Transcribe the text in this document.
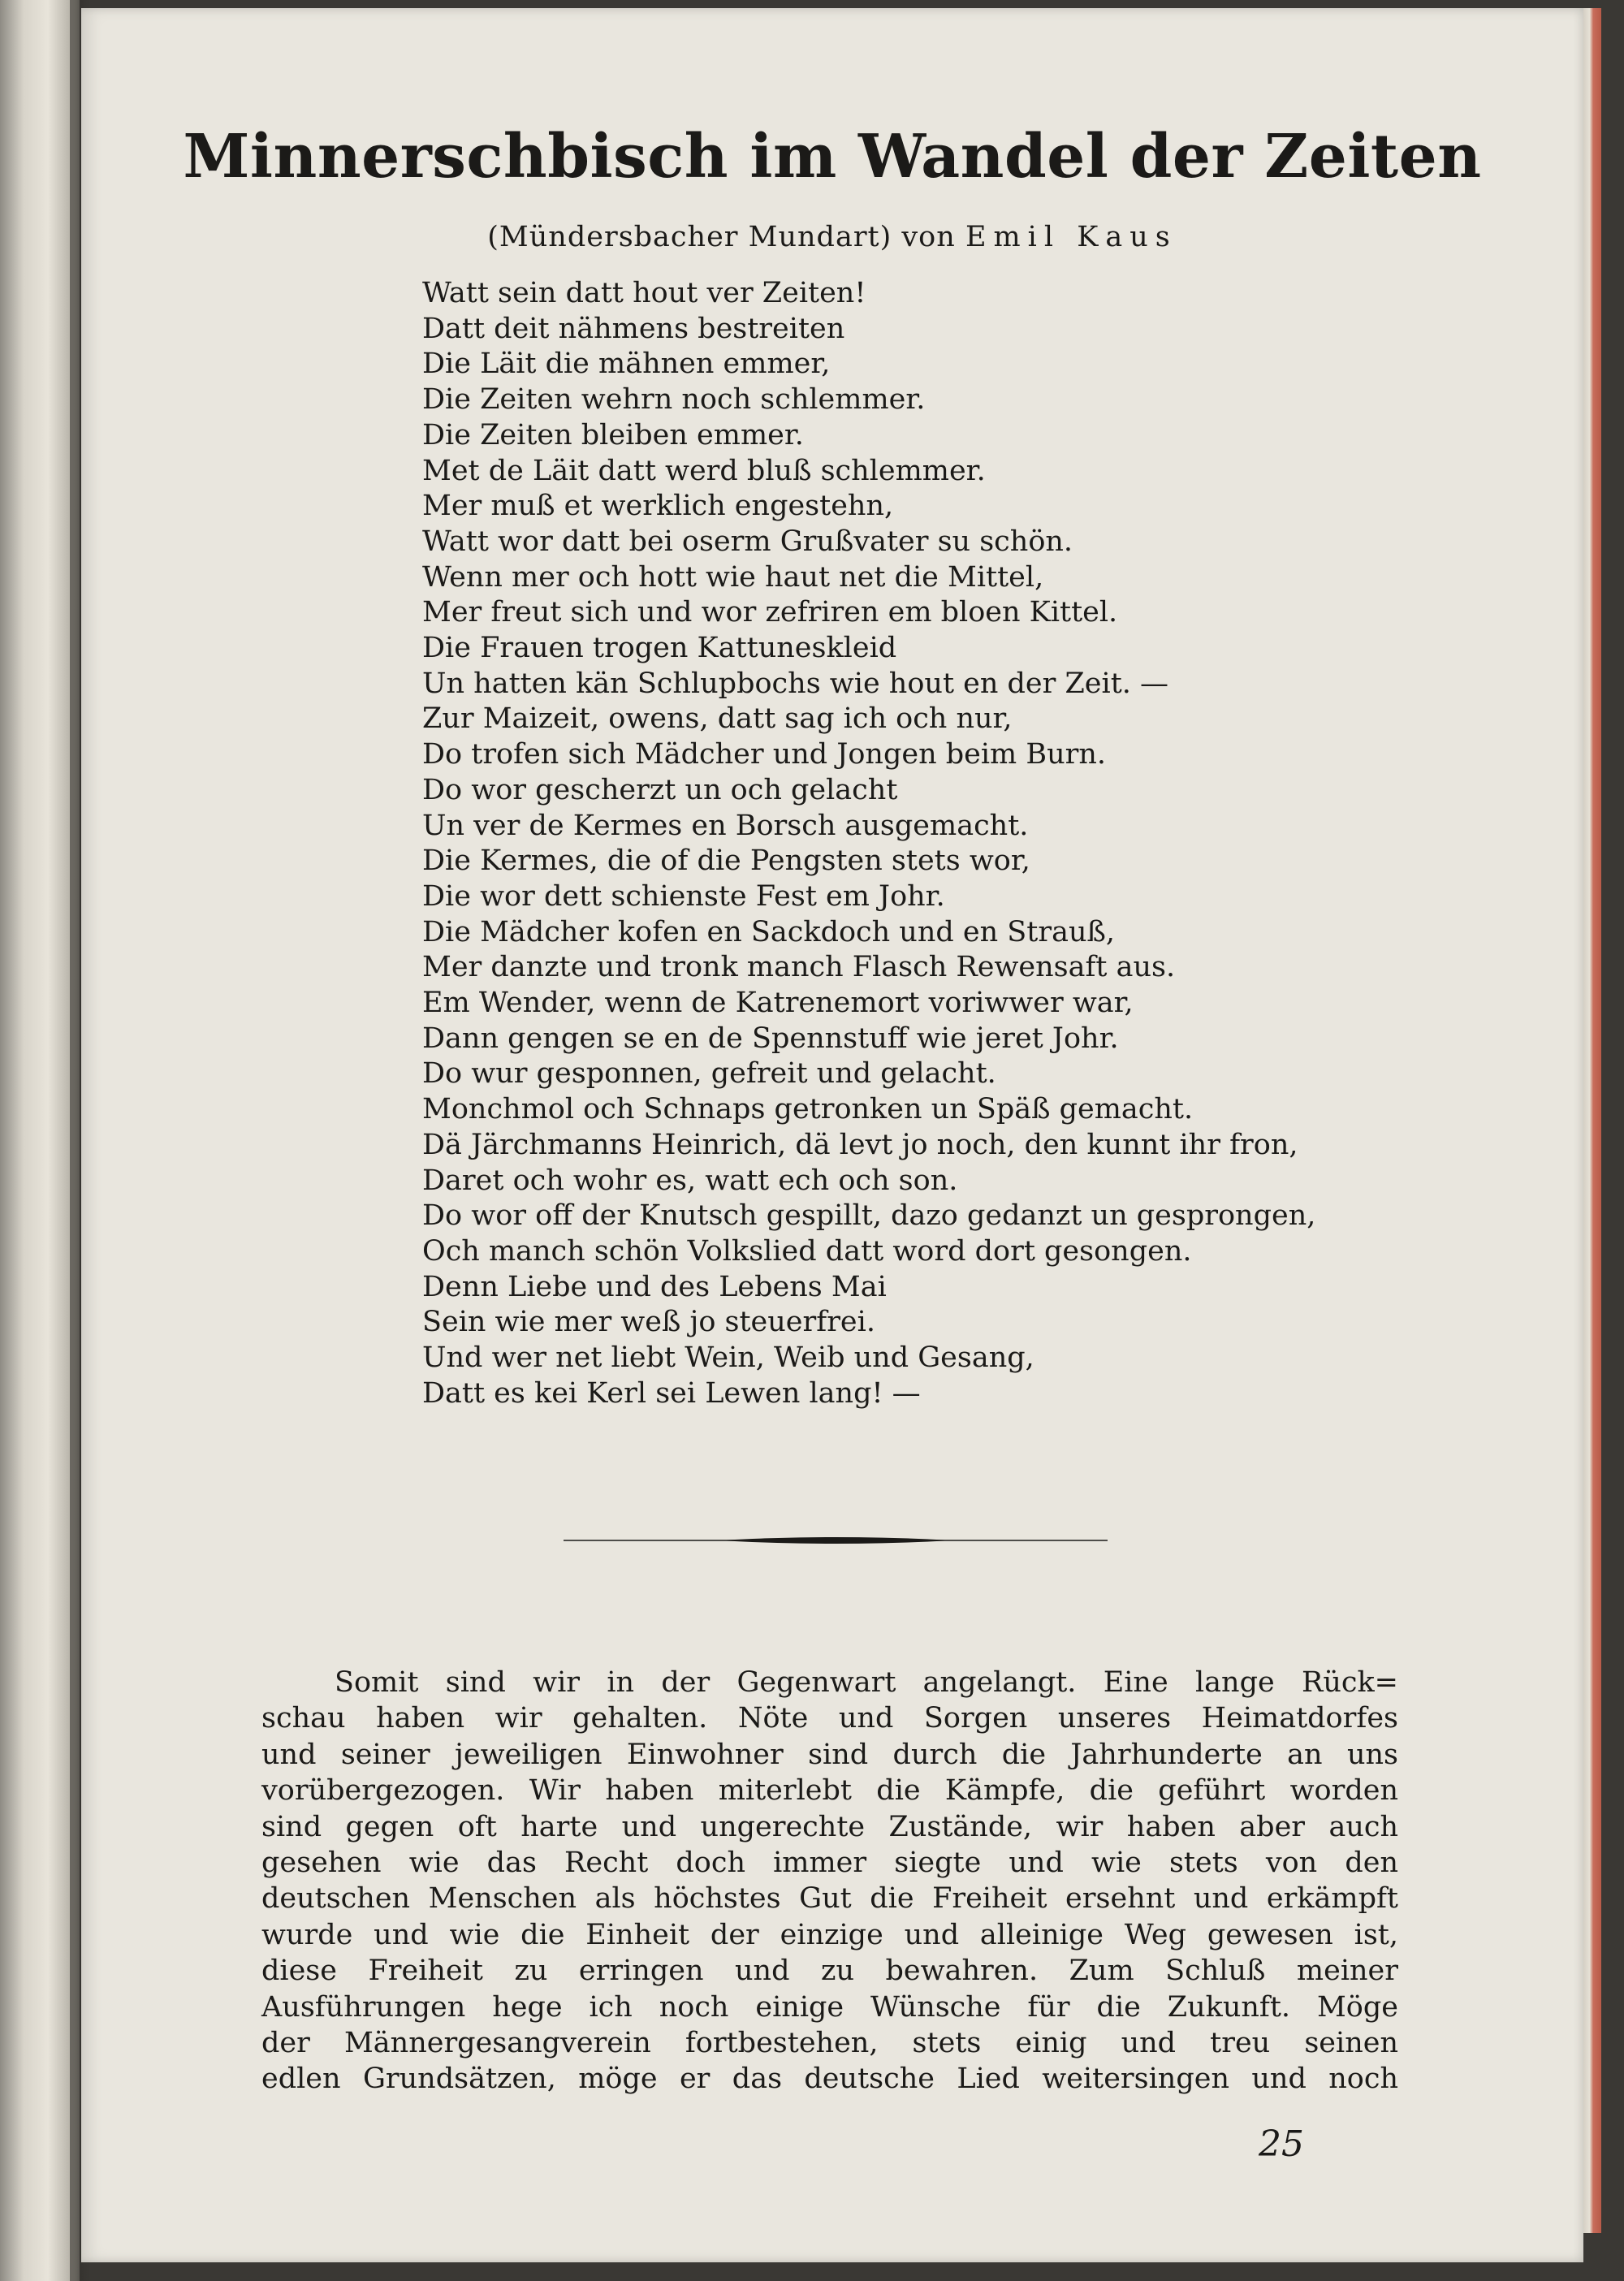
Minnerschbisch im Wandel der Zeiten

(Mündersbacher Mundart) von Emil Kaus

Watt sein datt hout ver Zeiten!
Datt deit nähmens bestreiten
Die Läit die mähnen emmer,
Die Zeiten wehrn noch schlemmer.
Die Zeiten bleiben emmer.
Met de Läit datt werd bluß schlemmer.
Mer muß et werklich engestehn,
Watt wor datt bei oserm Grußvater su schön.
Wenn mer och hott wie haut net die Mittel,
Mer freut sich und wor zefriren em bloen Kittel.
Die Frauen trogen Kattuneskleid
Un hatten kän Schlupbochs wie hout en der Zeit. —
Zur Maizeit, owens, datt sag ich och nur,
Do trofen sich Mädcher und Jongen beim Burn.
Do wor gescherzt un och gelacht
Un ver de Kermes en Borsch ausgemacht.
Die Kermes, die of die Pengsten stets wor,
Die wor dett schienste Fest em Johr.
Die Mädcher kofen en Sackdoch und en Strauß,
Mer danzte und tronk manch Flasch Rewensaft aus.
Em Wender, wenn de Katrenemort voriwwer war,
Dann gengen se en de Spennstuff wie jeret Johr.
Do wur gesponnen, gefreit und gelacht.
Monchmol och Schnaps getronken un Späß gemacht.
Dä Järchmanns Heinrich, dä levt jo noch, den kunnt ihr fron,
Daret och wohr es, watt ech och son.
Do wor off der Knutsch gespillt, dazo gedanzt un gesprongen,
Och manch schön Volkslied datt word dort gesongen.
Denn Liebe und des Lebens Mai
Sein wie mer weß jo steuerfrei.
Und wer net liebt Wein, Weib und Gesang,
Datt es kei Kerl sei Lewen lang! —
Somit sind wir in der Gegenwart angelangt. Eine lange Rück=
schau haben wir gehalten. Nöte und Sorgen unseres Heimatdorfes
und seiner jeweiligen Einwohner sind durch die Jahrhunderte an uns
vorübergezogen. Wir haben miterlebt die Kämpfe, die geführt worden
sind gegen oft harte und ungerechte Zustände, wir haben aber auch
gesehen wie das Recht doch immer siegte und wie stets von den
deutschen Menschen als höchstes Gut die Freiheit ersehnt und erkämpft
wurde und wie die Einheit der einzige und alleinige Weg gewesen ist,
diese Freiheit zu erringen und zu bewahren. Zum Schluß meiner
Ausführungen hege ich noch einige Wünsche für die Zukunft. Möge
der Männergesangverein fortbestehen, stets einig und treu seinen
edlen Grundsätzen, möge er das deutsche Lied weitersingen und noch

25
